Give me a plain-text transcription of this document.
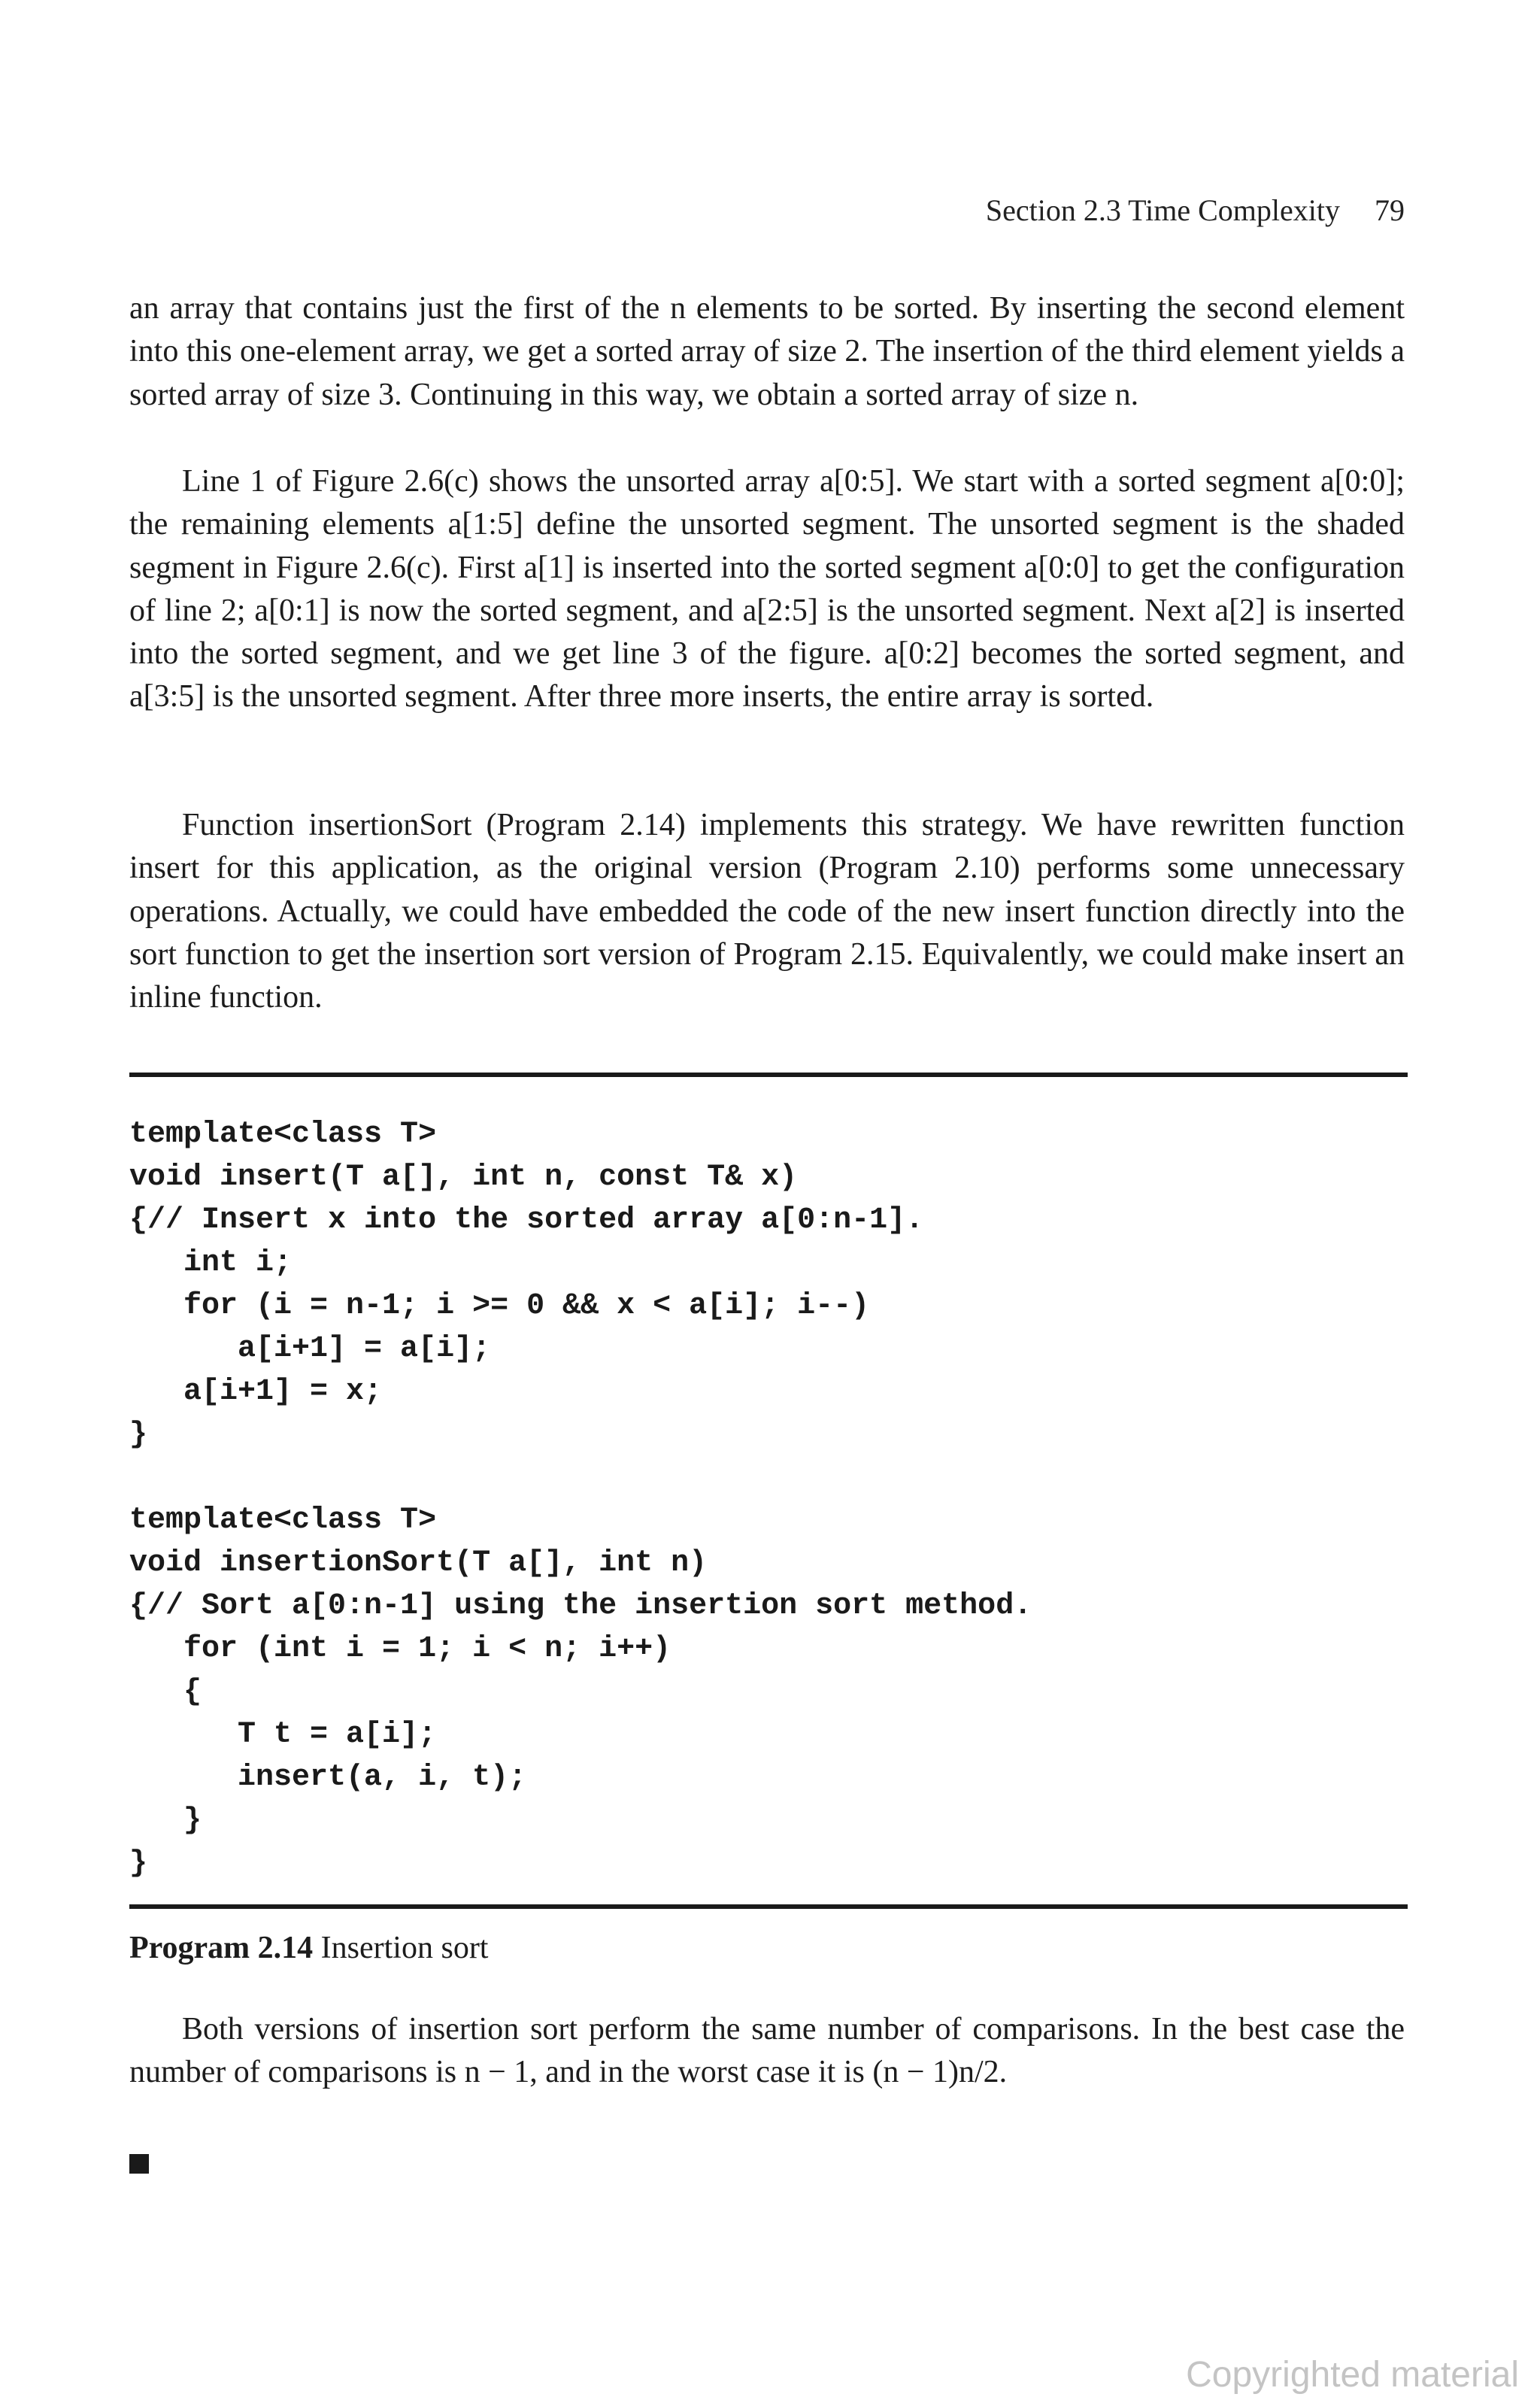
Section 2.3 Time Complexity 79

an array that contains just the first of the n elements to be sorted. By inserting the second element into this one-element array, we get a sorted array of size 2. The insertion of the third element yields a sorted array of size 3. Continuing in this way, we obtain a sorted array of size n.

Line 1 of Figure 2.6(c) shows the unsorted array a[0:5]. We start with a sorted segment a[0:0]; the remaining elements a[1:5] define the unsorted segment. The unsorted segment is the shaded segment in Figure 2.6(c). First a[1] is inserted into the sorted segment a[0:0] to get the configuration of line 2; a[0:1] is now the sorted segment, and a[2:5] is the unsorted segment. Next a[2] is inserted into the sorted segment, and we get line 3 of the figure. a[0:2] becomes the sorted segment, and a[3:5] is the unsorted segment. After three more inserts, the entire array is sorted.

Function insertionSort (Program 2.14) implements this strategy. We have rewritten function insert for this application, as the original version (Program 2.10) performs some unnecessary operations. Actually, we could have embedded the code of the new insert function directly into the sort function to get the insertion sort version of Program 2.15. Equivalently, we could make insert an inline function.

template<class T>
void insert(T a[], int n, const T& x)
{// Insert x into the sorted array a[0:n-1].
int i;
for (i = n-1; i >= 0 && x < a[i]; i--)
a[i+1] = a[i];
a[i+1] = x;
}

template<class T>
void insertionSort(T a[], int n)
{// Sort a[0:n-1] using the insertion sort method.
for (int i = 1; i < n; i++)
{
T t = a[i];
insert(a, i, t);
}
}
Program 2.14 Insertion sort

Both versions of insertion sort perform the same number of comparisons. In the best case the number of comparisons is n − 1, and in the worst case it is (n − 1)n/2.

Copyrighted material
